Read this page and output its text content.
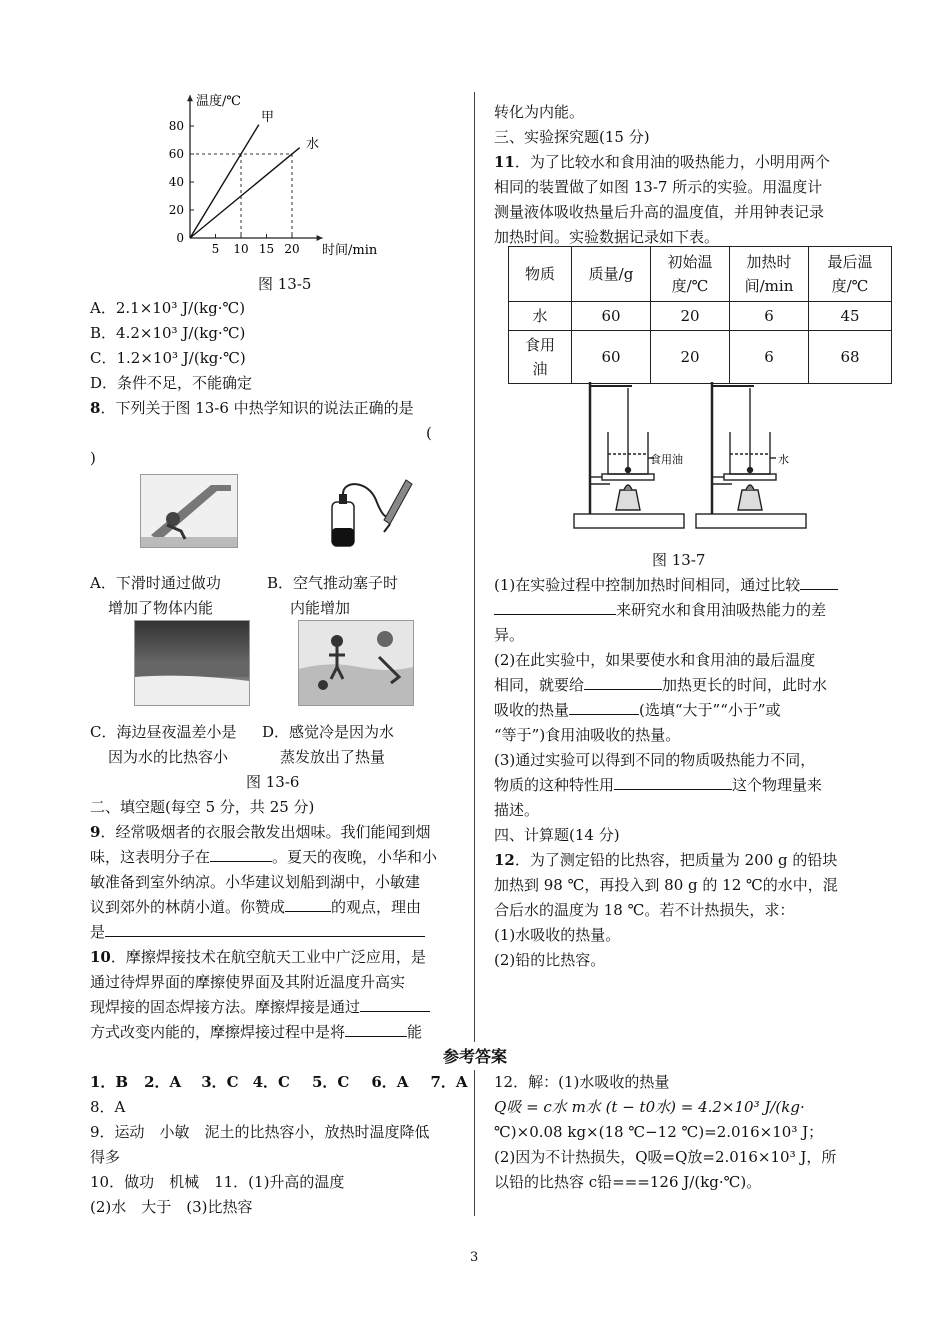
0
20
40
60
80
5 10 15 20
温度/℃
时间/min
甲
水
图 13-5
A．2.1×10³ J/(kg·℃)
B．4.2×10³ J/(kg·℃)
C．1.2×10³ J/(kg·℃)
D．条件不足，不能确定
8．下列关于图 13-6 中热学知识的说法正确的是
(
)
A．下滑时通过做功
增加了物体内能
B．空气推动塞子时
内能增加
C．海边昼夜温差小是
因为水的比热容小
D．感觉冷是因为水
蒸发放出了热量
图 13-6
二、填空题(每空 5 分，共 25 分)
9．经常吸烟者的衣服会散发出烟味。我们能闻到烟
味，这表明分子在	。夏天的夜晚，小华和小
敏准备到室外纳凉。小华建议划船到湖中，小敏建
议到郊外的林荫小道。你赞成	的观点，理由
是
10．摩擦焊接技术在航空航天工业中广泛应用，是
通过待焊界面的摩擦使界面及其附近温度升高实
现焊接的固态焊接方法。摩擦焊接是通过
方式改变内能的，摩擦焊接过程中是将	能
转化为内能。
三、实验探究题(15 分)
11．为了比较水和食用油的吸热能力，小明用两个
相同的装置做了如图 13-7 所示的实验。用温度计
测量液体吸收热量后升高的温度值，并用钟表记录
加热时间。实验数据记录如下表。
物质	质量/g	初始温
度/℃	加热时
间/min	最后温
度/℃
水	60	20	6	45
食用
油	60	20	6	68
食用油	水
图 13-7
(1)在实验过程中控制加热时间相同，通过比较
来研究水和食用油吸热能力的差
异。
(2)在此实验中，如果要使水和食用油的最后温度
相同，就要给	加热更长的时间，此时水
吸收的热量	(选填“大于”“小于”或
“等于”)食用油吸收的热量。
(3)通过实验可以得到不同的物质吸热能力不同，
物质的这种特性用	这个物理量来
描述。
四、计算题(14 分)
12．为了测定铅的比热容，把质量为 200 g 的铅块
加热到 98 ℃，再投入到 80 g 的 12 ℃的水中，混
合后水的温度为 18 ℃。若不计热损失，求：
(1)水吸收的热量。
(2)铅的比热容。
参考答案
1．B 2．A 3．C 4．C 5．C 6．A 7．A
8．A
9．运动　小敏　泥土的比热容小，放热时温度降低
得多
10．做功　机械　11．(1)升高的温度
(2)水　大于　(3)比热容
12．解：(1)水吸收的热量
Q吸 = c水 m水 (t − t0水) = 4.2×10³ J/(kg·
℃)×0.08 kg×(18 ℃−12 ℃)=2.016×10³ J；
(2)因为不计热损失，Q吸=Q放=2.016×10³ J，所
以铅的比热容 c铅===126 J/(kg·℃)。
3
